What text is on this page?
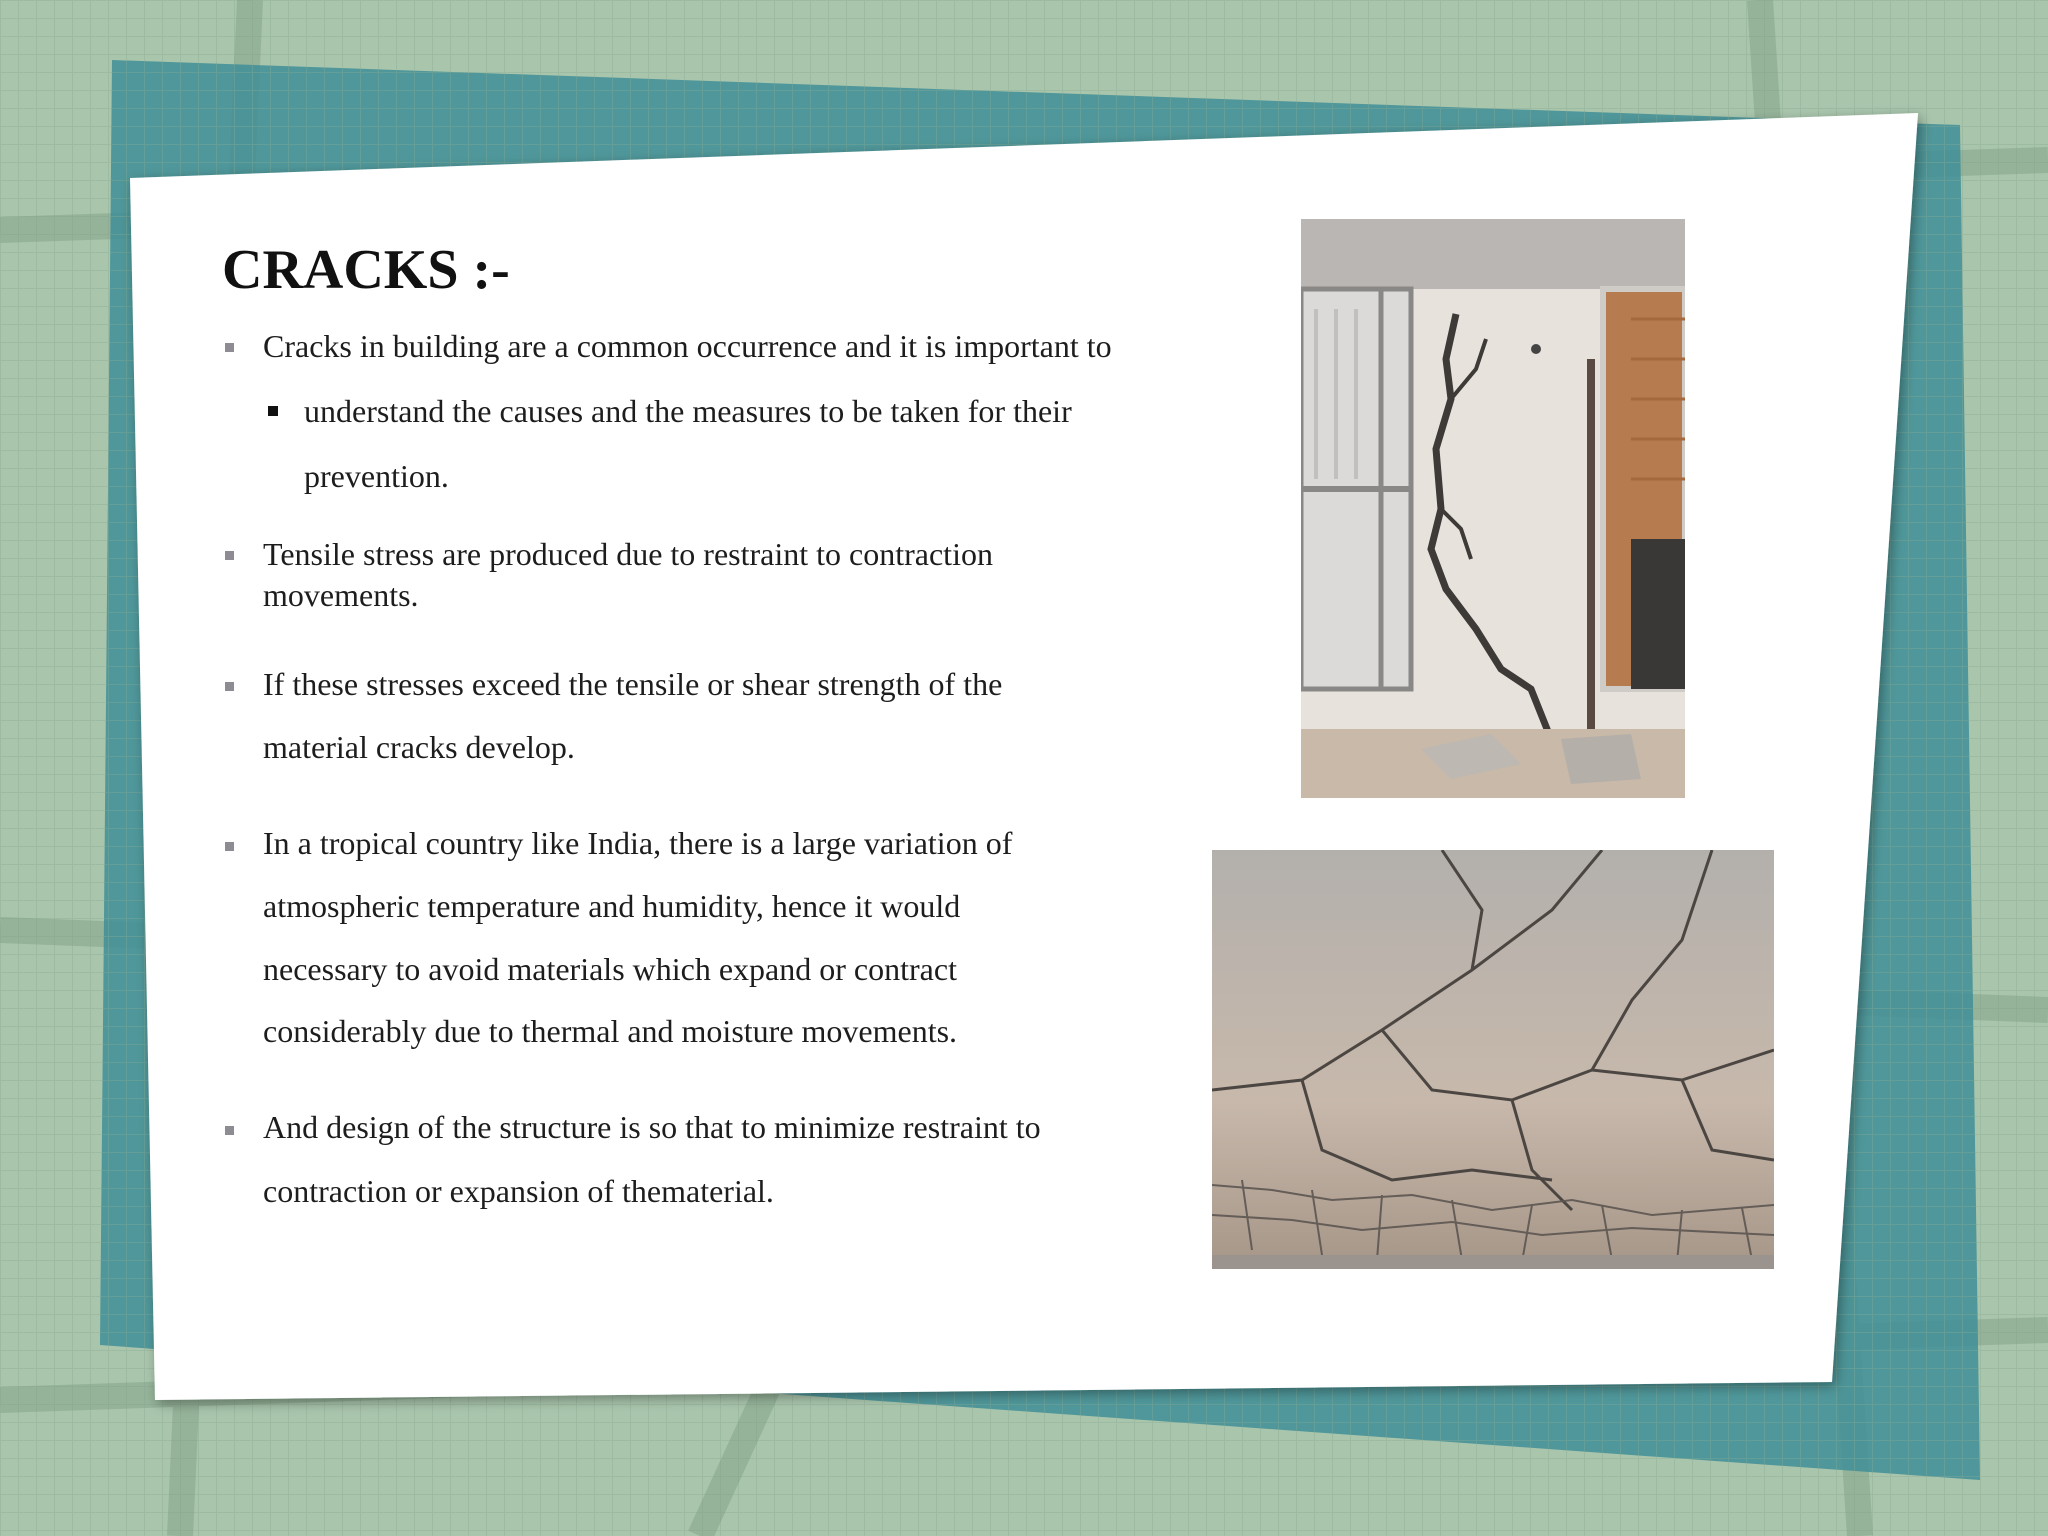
CRACKS :-
Cracks in building are a common occurrence and it is important to
understand the causes and the measures to be taken for their
prevention.
Tensile stress are produced due to restraint to contraction
movements.
If these stresses exceed the tensile or shear strength of the
material cracks develop.
In a tropical country like India, there is a large variation of
atmospheric temperature and humidity, hence it would
necessary to avoid materials which expand or contract
considerably due to thermal and moisture movements.
And design of the structure is so that to minimize restraint to
contraction or expansion of thematerial.
